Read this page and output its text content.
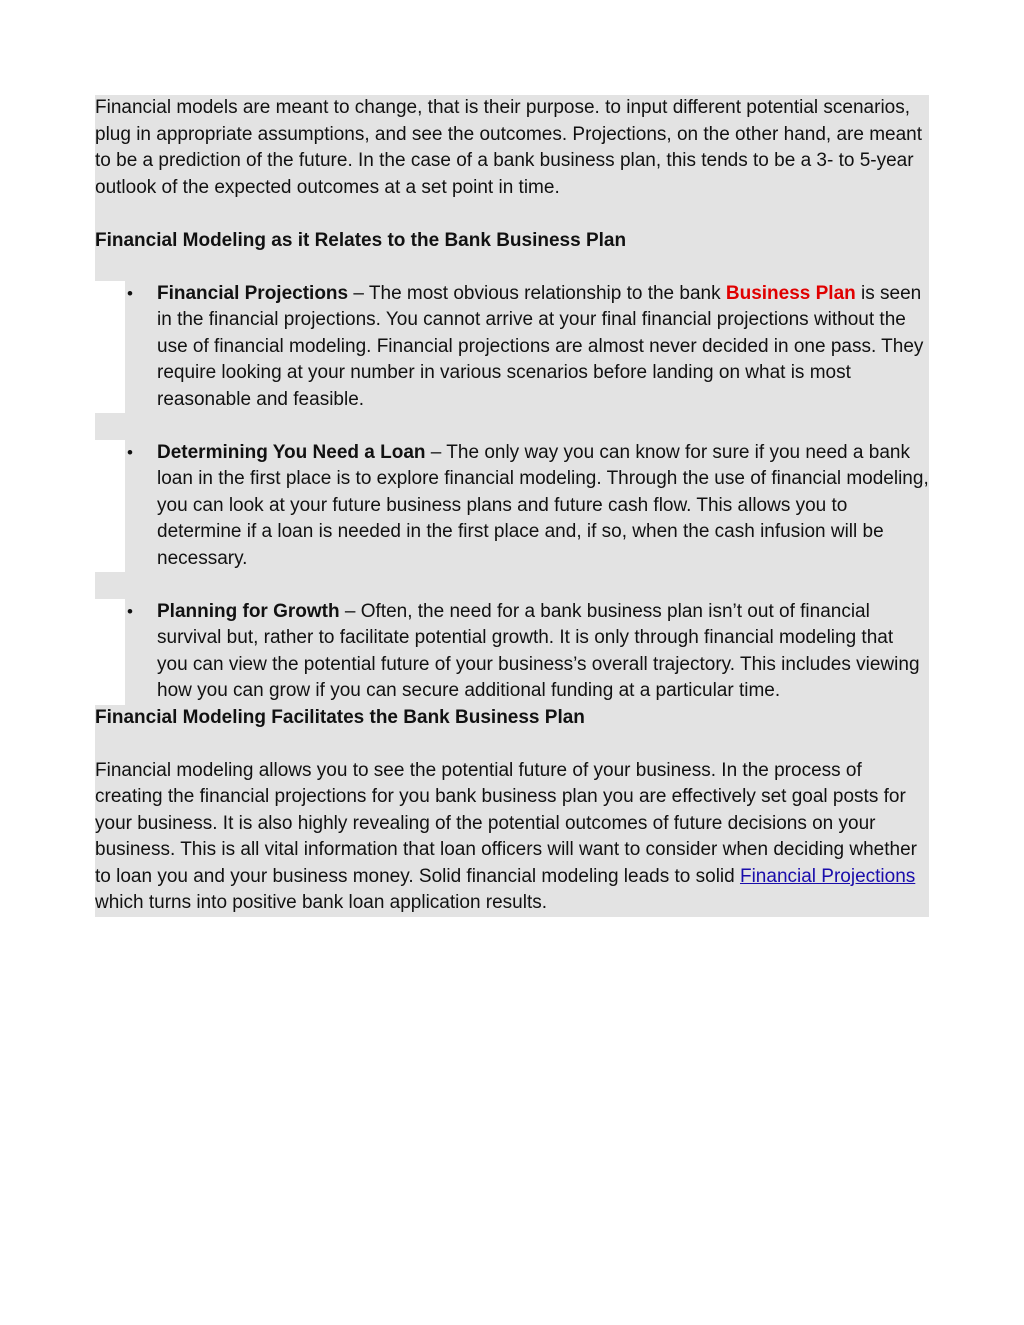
Financial models are meant to change, that is their purpose. to input different potential scenarios, plug in appropriate assumptions, and see the outcomes. Projections, on the other hand, are meant to be a prediction of the future. In the case of a bank business plan, this tends to be a 3- to 5-year outlook of the expected outcomes at a set point in time.

Financial Modeling as it Relates to the Bank Business Plan

•	Financial Projections – The most obvious relationship to the bank Business Plan is seen in the financial projections. You cannot arrive at your final financial projections without the use of financial modeling. Financial projections are almost never decided in one pass. They require looking at your number in various scenarios before landing on what is most reasonable and feasible.

•	Determining You Need a Loan – The only way you can know for sure if you need a bank loan in the first place is to explore financial modeling. Through the use of financial modeling, you can look at your future business plans and future cash flow. This allows you to determine if a loan is needed in the first place and, if so, when the cash infusion will be necessary.

•	Planning for Growth – Often, the need for a bank business plan isn’t out of financial survival but, rather to facilitate potential growth. It is only through financial modeling that you can view the potential future of your business’s overall trajectory. This includes viewing how you can grow if you can secure additional funding at a particular time.

Financial Modeling Facilitates the Bank Business Plan

Financial modeling allows you to see the potential future of your business. In the process of creating the financial projections for you bank business plan you are effectively set goal posts for your business. It is also highly revealing of the potential outcomes of future decisions on your business. This is all vital information that loan officers will want to consider when deciding whether to loan you and your business money. Solid financial modeling leads to solid Financial Projections which turns into positive bank loan application results.
